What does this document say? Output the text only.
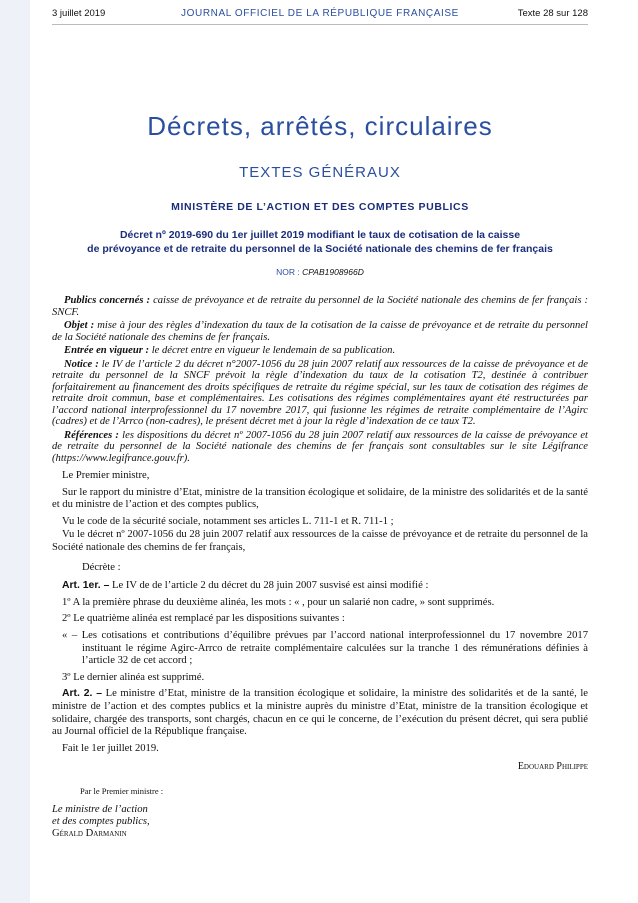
3 juillet 2019	JOURNAL OFFICIEL DE LA RÉPUBLIQUE FRANÇAISE	Texte 28 sur 128
Décrets, arrêtés, circulaires
TEXTES GÉNÉRAUX
MINISTÈRE DE L’ACTION ET DES COMPTES PUBLICS
Décret nº 2019-690 du 1er juillet 2019 modifiant le taux de cotisation de la caisse
de prévoyance et de retraite du personnel de la Société nationale des chemins de fer français
NOR : CPAB1908966D

Publics concernés : caisse de prévoyance et de retraite du personnel de la Société nationale des chemins de fer français : SNCF.

Objet : mise à jour des règles d’indexation du taux de la cotisation de la caisse de prévoyance et de retraite du personnel de la Société nationale des chemins de fer français.

Entrée en vigueur : le décret entre en vigueur le lendemain de sa publication.

Notice : le IV de l’article 2 du décret n°2007-1056 du 28 juin 2007 relatif aux ressources de la caisse de prévoyance et de retraite du personnel de la SNCF prévoit la règle d’indexation du taux de la cotisation T2, destinée à contribuer forfaitairement au financement des droits spécifiques de retraite du régime spécial, sur les taux de cotisation des régimes de retraite droit commun, base et complémentaires. Les cotisations des régimes complémentaires ayant été restructurées par l’accord national interprofessionnel du 17 novembre 2017, qui fusionne les régimes de retraite complémentaire de l’Agirc (cadres) et de l’Arrco (non-cadres), le présent décret met à jour la règle d’indexation de ce taux T2.

Références : les dispositions du décret nº 2007-1056 du 28 juin 2007 relatif aux ressources de la caisse de prévoyance et de retraite du personnel de la Société nationale des chemins de fer français sont consultables sur le site Légifrance (https://www.legifrance.gouv.fr).

Le Premier ministre,

Sur le rapport du ministre d’Etat, ministre de la transition écologique et solidaire, de la ministre des solidarités et de la santé et du ministre de l’action et des comptes publics,

Vu le code de la sécurité sociale, notamment ses articles L. 711-1 et R. 711-1 ;

Vu le décret nº 2007-1056 du 28 juin 2007 relatif aux ressources de la caisse de prévoyance et de retraite du personnel de la Société nationale des chemins de fer français,

Décrète :

Art. 1er. – Le IV de de l’article 2 du décret du 28 juin 2007 susvisé est ainsi modifié :

1º A la première phrase du deuxième alinéa, les mots : « , pour un salarié non cadre, » sont supprimés.

2º Le quatrième alinéa est remplacé par les dispositions suivantes :

« – Les cotisations et contributions d’équilibre prévues par l’accord national interprofessionnel du 17 novembre 2017 instituant le régime Agirc-Arrco de retraite complémentaire calculées sur la tranche 1 des rémunérations définies à l’article 32 de cet accord ;

3º Le dernier alinéa est supprimé.

Art. 2. – Le ministre d’Etat, ministre de la transition écologique et solidaire, la ministre des solidarités et de la santé, le ministre de l’action et des comptes publics et la ministre auprès du ministre d’Etat, ministre de la transition écologique et solidaire, chargée des transports, sont chargés, chacun en ce qui le concerne, de l’exécution du présent décret, qui sera publié au Journal officiel de la République française.

Fait le 1er juillet 2019.

Edouard Philippe
Par le Premier ministre :
Le ministre de l’action
et des comptes publics,
Gérald Darmanin
